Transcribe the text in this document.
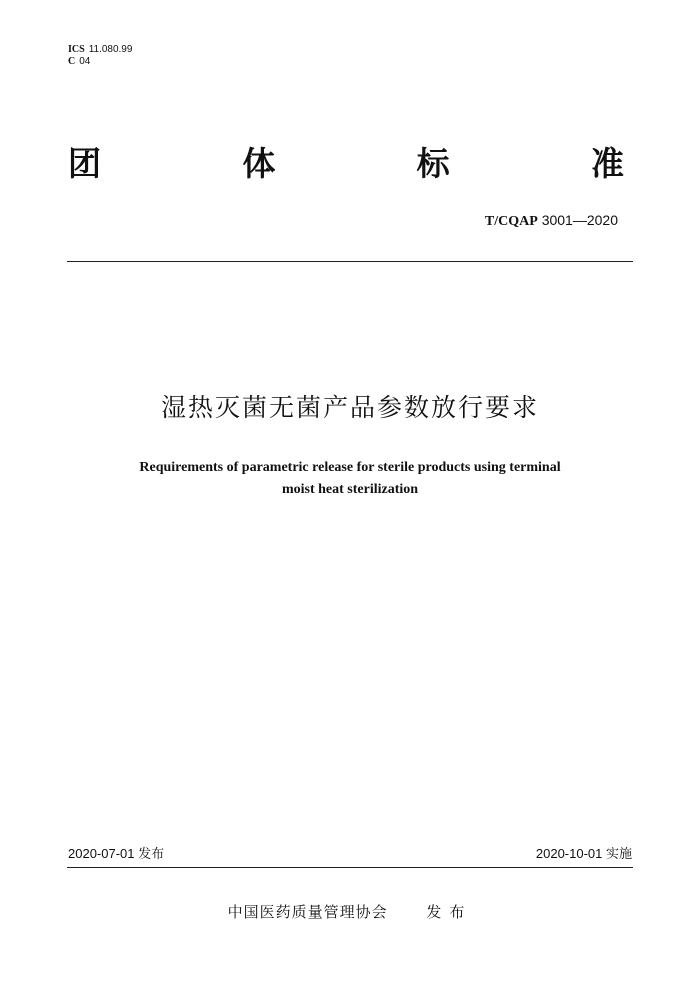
ICS 11.080.99
C 04
团	体	标	准
T/CQAP 3001—2020
湿热灭菌无菌产品参数放行要求
Requirements of parametric release for sterile products using terminal
moist heat sterilization
2020-07-01 发布	2020-10-01 实施
中国医药质量管理协会	发布
